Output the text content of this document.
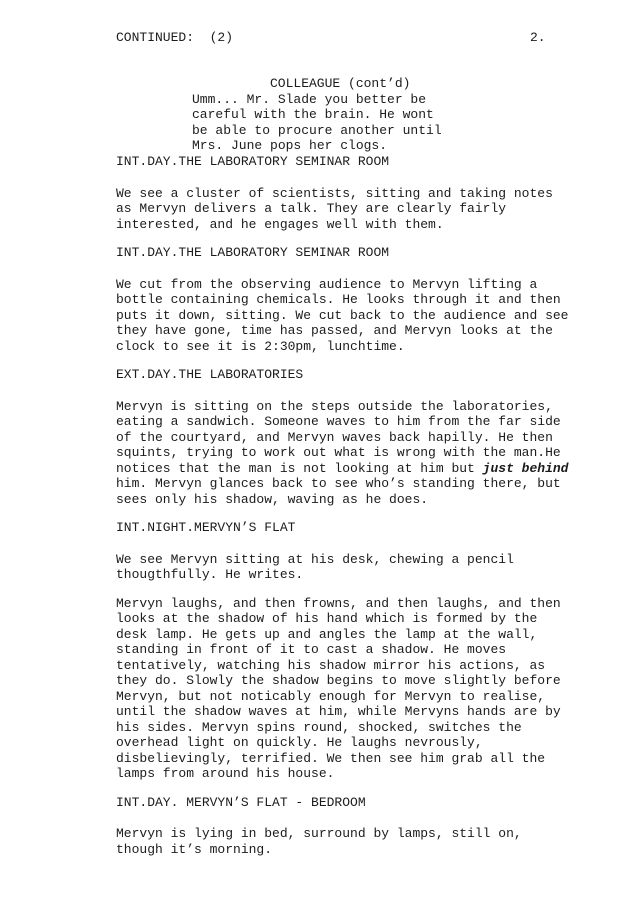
CONTINUED:  (2)	2.
COLLEAGUE (cont’d)
Umm... Mr. Slade you better be
careful with the brain. He wont
be able to procure another until
Mrs. June pops her clogs.
INT.DAY.THE LABORATORY SEMINAR ROOM
We see a cluster of scientists, sitting and taking notes
as Mervyn delivers a talk. They are clearly fairly
interested, and he engages well with them.
INT.DAY.THE LABORATORY SEMINAR ROOM
We cut from the observing audience to Mervyn lifting a
bottle containing chemicals. He looks through it and then
puts it down, sitting. We cut back to the audience and see
they have gone, time has passed, and Mervyn looks at the
clock to see it is 2:30pm, lunchtime.
EXT.DAY.THE LABORATORIES
Mervyn is sitting on the steps outside the laboratories,
eating a sandwich. Someone waves to him from the far side
of the courtyard, and Mervyn waves back hapilly. He then
squints, trying to work out what is wrong with the man.He
notices that the man is not looking at him but just behind
him. Mervyn glances back to see who’s standing there, but
sees only his shadow, waving as he does.
INT.NIGHT.MERVYN’S FLAT
We see Mervyn sitting at his desk, chewing a pencil
thougthfully. He writes.
Mervyn laughs, and then frowns, and then laughs, and then
looks at the shadow of his hand which is formed by the
desk lamp. He gets up and angles the lamp at the wall,
standing in front of it to cast a shadow. He moves
tentatively, watching his shadow mirror his actions, as
they do. Slowly the shadow begins to move slightly before
Mervyn, but not noticably enough for Mervyn to realise,
until the shadow waves at him, while Mervyns hands are by
his sides. Mervyn spins round, shocked, switches the
overhead light on quickly. He laughs nevrously,
disbelievingly, terrified. We then see him grab all the
lamps from around his house.
INT.DAY. MERVYN’S FLAT - BEDROOM
Mervyn is lying in bed, surround by lamps, still on,
though it’s morning.
